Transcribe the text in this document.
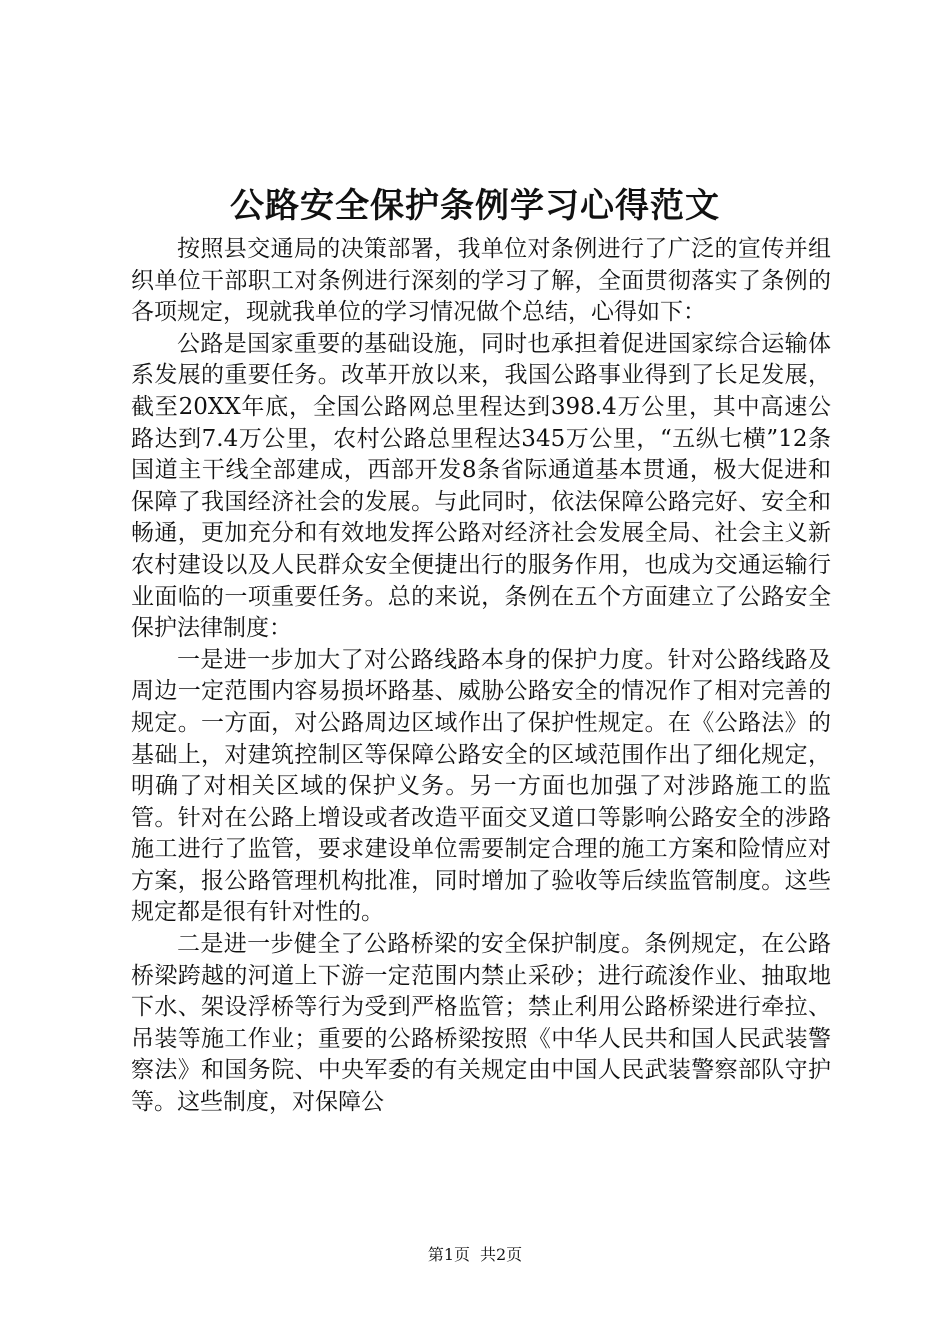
公路安全保护条例学习心得范文

按照县交通局的决策部署，我单位对条例进行了广泛的宣传并组织单位干部职工对条例进行深刻的学习了解，全面贯彻落实了条例的各项规定，现就我单位的学习情况做个总结，心得如下：

公路是国家重要的基础设施，同时也承担着促进国家综合运输体系发展的重要任务。改革开放以来，我国公路事业得到了长足发展，截至20XX年底，全国公路网总里程达到398.4万公里，其中高速公路达到7.4万公里，农村公路总里程达345万公里，“五纵七横”12条国道主干线全部建成，西部开发8条省际通道基本贯通，极大促进和保障了我国经济社会的发展。与此同时，依法保障公路完好、安全和畅通，更加充分和有效地发挥公路对经济社会发展全局、社会主义新农村建设以及人民群众安全便捷出行的服务作用，也成为交通运输行业面临的一项重要任务。总的来说，条例在五个方面建立了公路安全保护法律制度：

一是进一步加大了对公路线路本身的保护力度。针对公路线路及周边一定范围内容易损坏路基、威胁公路安全的情况作了相对完善的规定。一方面，对公路周边区域作出了保护性规定。在《公路法》的基础上，对建筑控制区等保障公路安全的区域范围作出了细化规定，明确了对相关区域的保护义务。另一方面也加强了对涉路施工的监管。针对在公路上增设或者改造平面交叉道口等影响公路安全的涉路施工进行了监管，要求建设单位需要制定合理的施工方案和险情应对方案，报公路管理机构批准，同时增加了验收等后续监管制度。这些规定都是很有针对性的。

二是进一步健全了公路桥梁的安全保护制度。条例规定，在公路桥梁跨越的河道上下游一定范围内禁止采砂；进行疏浚作业、抽取地下水、架设浮桥等行为受到严格监管；禁止利用公路桥梁进行牵拉、吊装等施工作业；重要的公路桥梁按照《中华人民共和国人民武装警察法》和国务院、中央军委的有关规定由中国人民武装警察部队守护等。这些制度，对保障公

第1页 共2页
